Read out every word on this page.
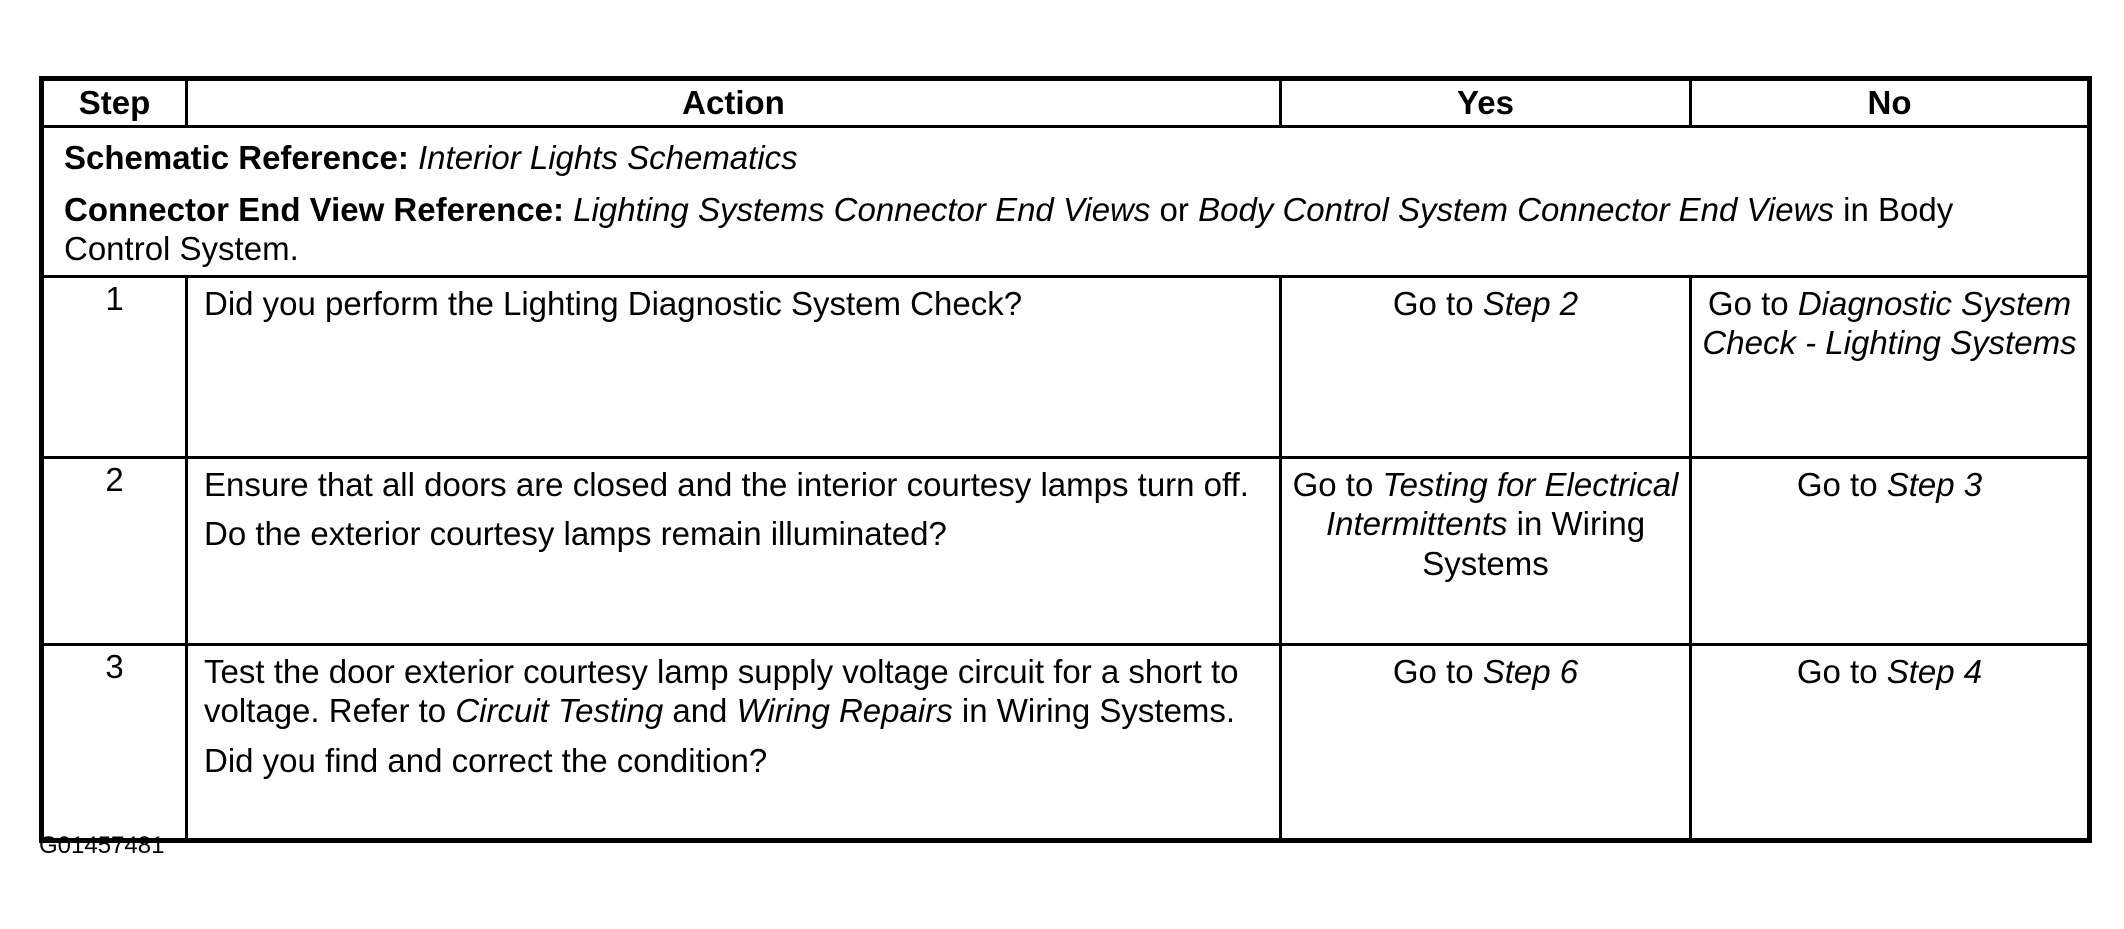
Step	Action	Yes	No

Schematic Reference: Interior Lights Schematics

Connector End View Reference: Lighting Systems Connector End Views or Body Control System Connector End Views in Body Control System.			

1	Did you perform the Lighting Diagnostic System Check?	Go to Step 2	Go to Diagnostic System Check - Lighting Systems
2	Ensure that all doors are closed and the interior courtesy lamps turn off.

Do the exterior courtesy lamps remain illuminated?	Go to Testing for Electrical Intermittents in Wiring Systems	Go to Step 3
3	Test the door exterior courtesy lamp supply voltage circuit for a short to voltage. Refer to Circuit Testing and Wiring Repairs in Wiring Systems.

Did you find and correct the condition?	Go to Step 6	Go to Step 4
G01457481
